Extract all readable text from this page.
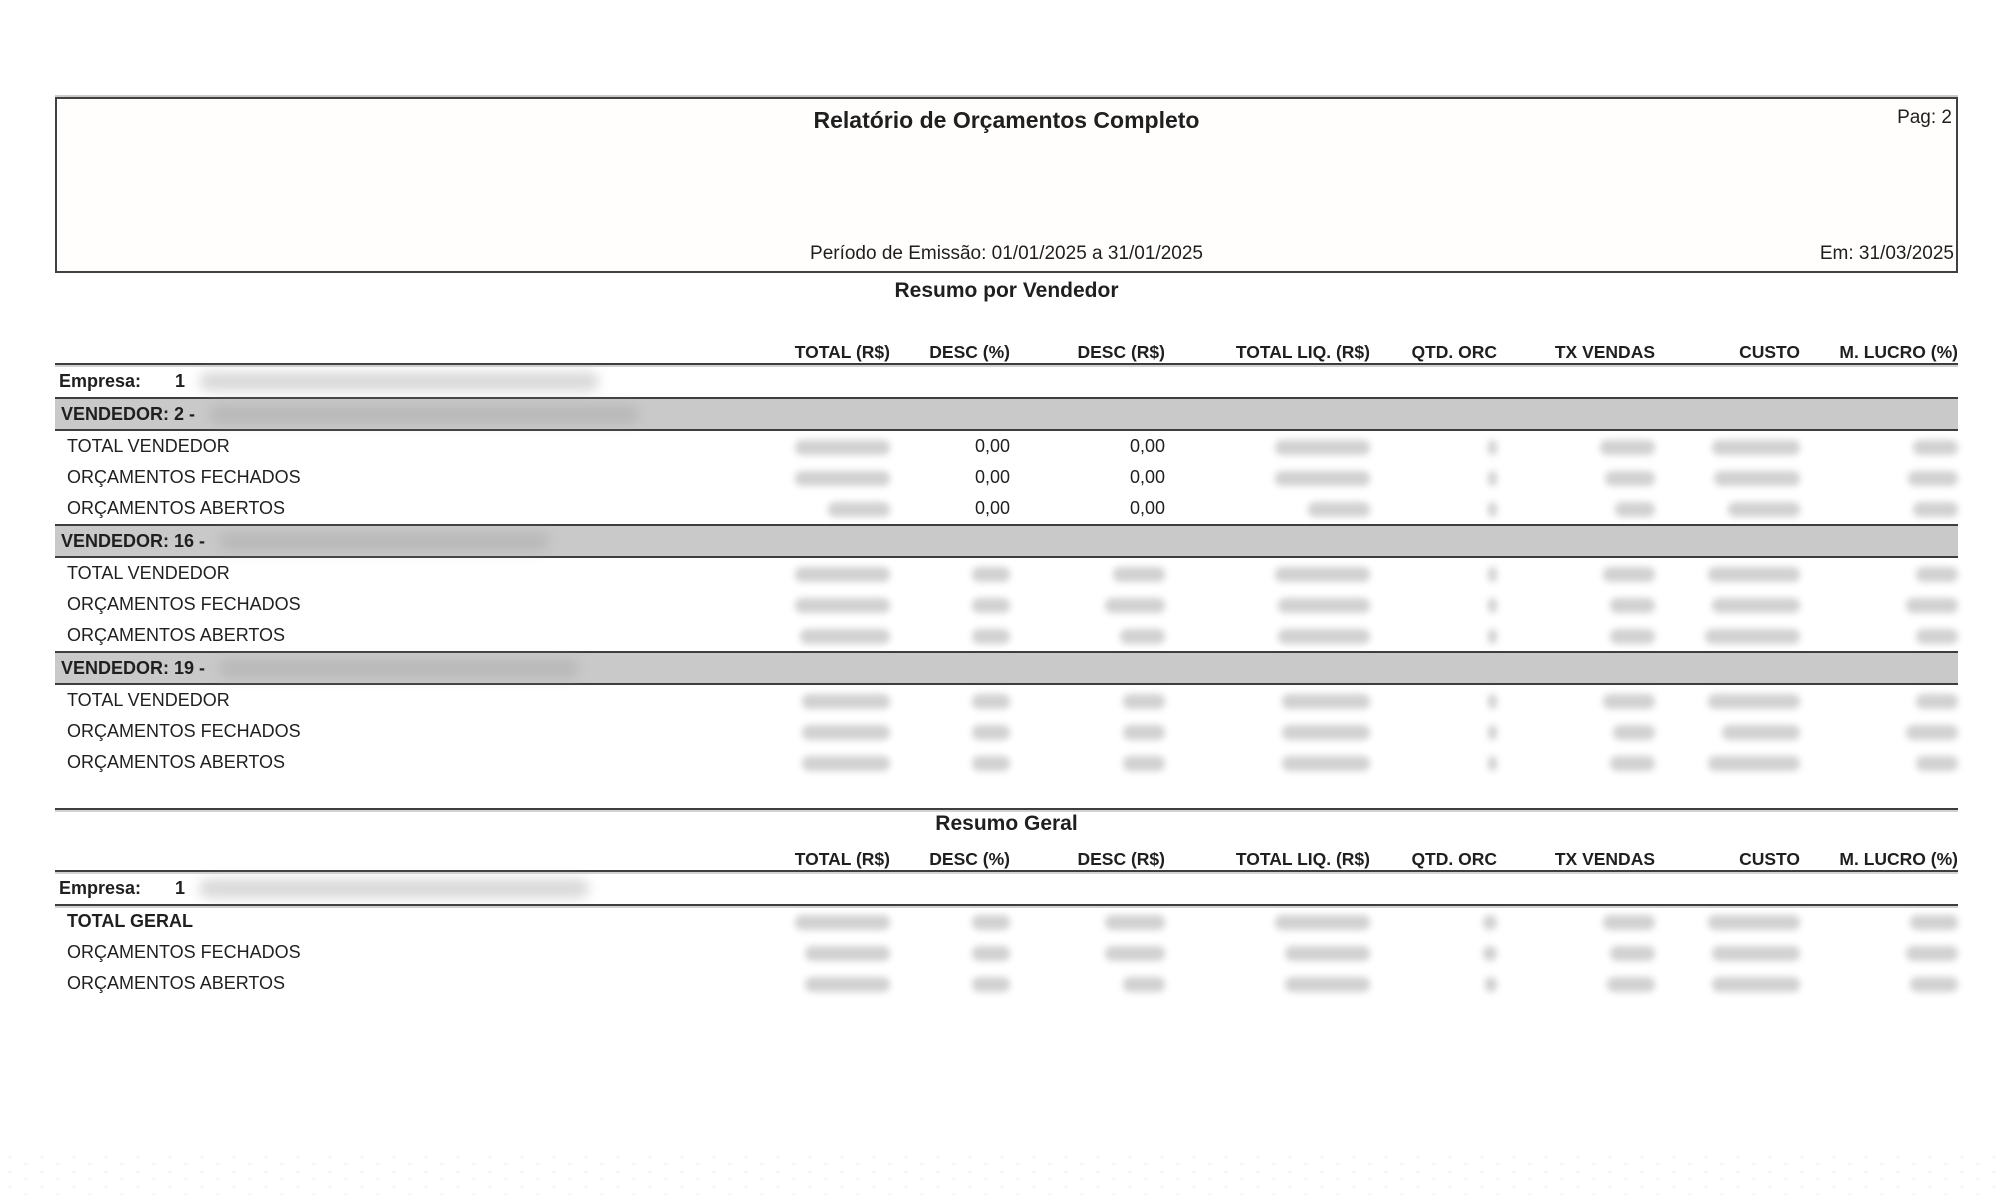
Relatório de Orçamentos Completo	Pag: 2
Período de Emissão: 01/01/2025 a 31/01/2025	Em: 31/03/2025
Resumo por Vendedor
TOTAL (R$)	DESC (%)	DESC (R$)	TOTAL LIQ. (R$)	QTD. ORC	TX VENDAS	CUSTO	M. LUCRO (%)
Empresa: 1
VENDEDOR: 2 -
TOTAL VENDEDOR	0,00	0,00
ORÇAMENTOS FECHADOS	0,00	0,00
ORÇAMENTOS ABERTOS	0,00	0,00
VENDEDOR: 16 -
TOTAL VENDEDOR
ORÇAMENTOS FECHADOS
ORÇAMENTOS ABERTOS
VENDEDOR: 19 -
TOTAL VENDEDOR
ORÇAMENTOS FECHADOS
ORÇAMENTOS ABERTOS
Resumo Geral
TOTAL (R$)	DESC (%)	DESC (R$)	TOTAL LIQ. (R$)	QTD. ORC	TX VENDAS	CUSTO	M. LUCRO (%)
Empresa: 1
TOTAL GERAL
ORÇAMENTOS FECHADOS
ORÇAMENTOS ABERTOS
